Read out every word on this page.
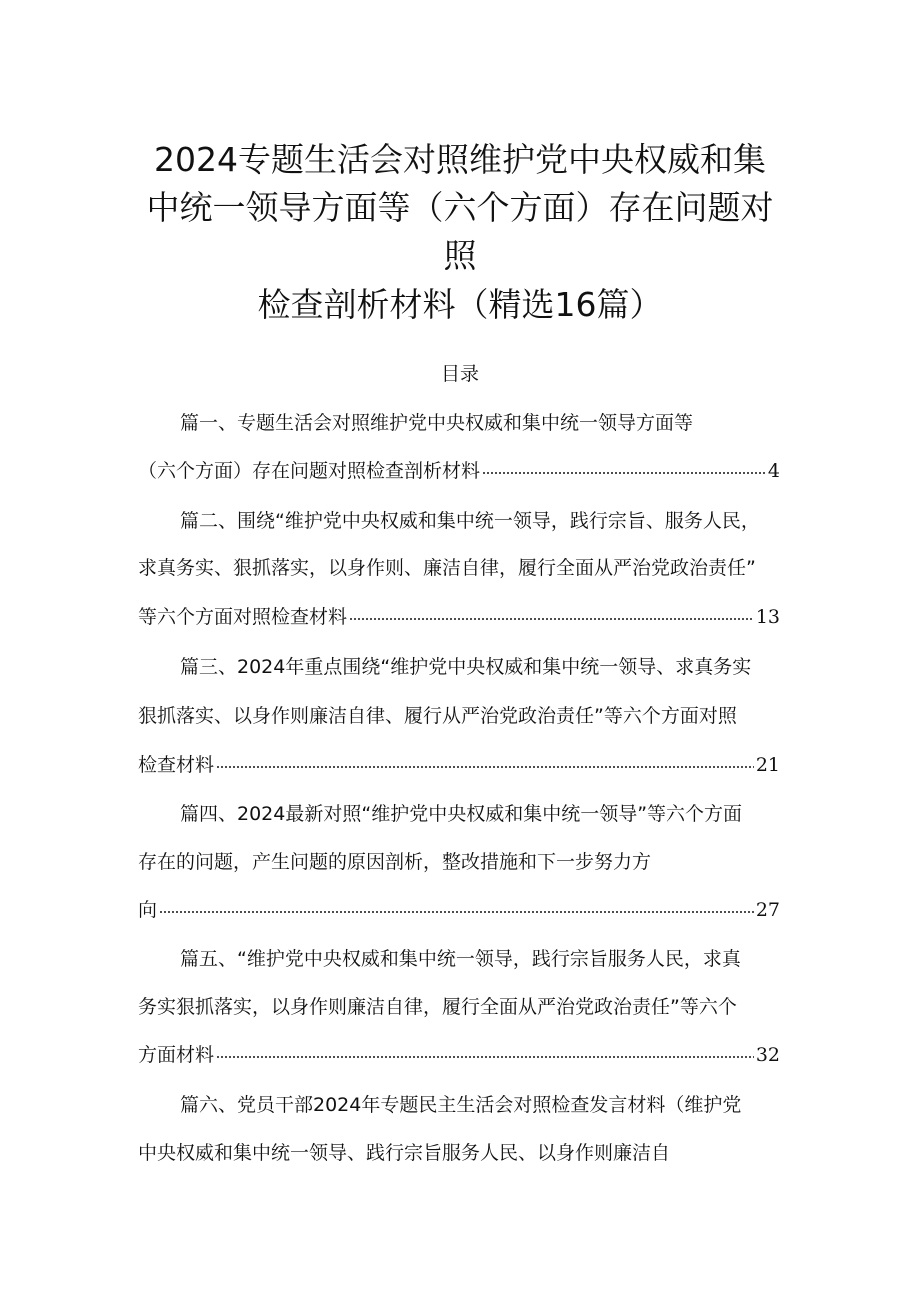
2024专题生活会对照维护党中央权威和集
中统一领导方面等（六个方面）存在问题对
照
检查剖析材料（精选16篇）
目录
篇一、专题生活会对照维护党中央权威和集中统一领导方面等
（六个方面）存在问题对照检查剖析材料	4
篇二、围绕“维护党中央权威和集中统一领导，践行宗旨、服务人民，
求真务实、狠抓落实，以身作则、廉洁自律，履行全面从严治党政治责任”
等六个方面对照检查材料	13
篇三、2024年重点围绕“维护党中央权威和集中统一领导、求真务实
狠抓落实、以身作则廉洁自律、履行从严治党政治责任”等六个方面对照
检查材料	21
篇四、2024最新对照“维护党中央权威和集中统一领导”等六个方面
存在的问题，产生问题的原因剖析，整改措施和下一步努力方
向	27
篇五、“维护党中央权威和集中统一领导，践行宗旨服务人民，求真
务实狠抓落实，以身作则廉洁自律，履行全面从严治党政治责任”等六个
方面材料	32
篇六、党员干部2024年专题民主生活会对照检查发言材料（维护党
中央权威和集中统一领导、践行宗旨服务人民、以身作则廉洁自
